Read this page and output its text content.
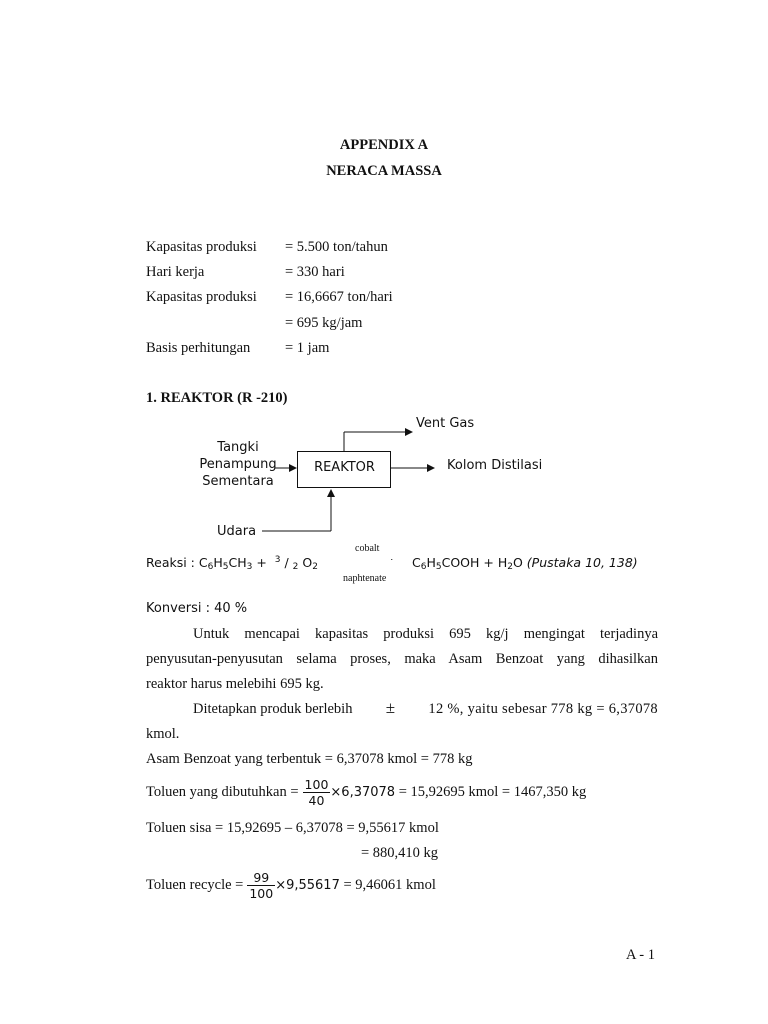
APPENDIX A
NERACA MASSA
Kapasitas produksi = 5.500 ton/tahun
Hari kerja	= 330 hari
Kapasitas produksi = 16,6667 ton/hari
= 695 kg/jam
Basis perhitungan = 1 jam
1. REAKTOR (R -210)
Vent Gas
Tangki
Penampung
Sementara
REAKTOR	Kolom Distilasi
Udara
Reaksi : $C_6H_5CH_3 + ^3 / _2$ $O_2$
cobalt
naphtenate
$C_6H_5COOH + H_2O$ (Pustaka 10, 138)
Konversi : 40 %
Untuk mencapai kapasitas produksi 695 kg/j mengingat terjadinya
penyusutan-penyusutan selama proses, maka Asam Benzoat yang dihasilkan
reaktor harus melebihi 695 kg.
Ditetapkan produk berlebih ± 12 %, yaitu sebesar 778 kg = 6,37078
kmol.
Asam Benzoat yang terbentuk = 6,37078 kmol = 778 kg
Toluen yang dibutuhkan = $\frac{100}{40} \times 6,37078 = 15,92695$ kmol = 1467,350 kg
Toluen sisa = 15,92695 – 6,37078 = 9,55617 kmol
= 880,410 kg
Toluen recycle = $\frac{99}{100} \times 9,55617 = 9,46061$ kmol
A - 1
